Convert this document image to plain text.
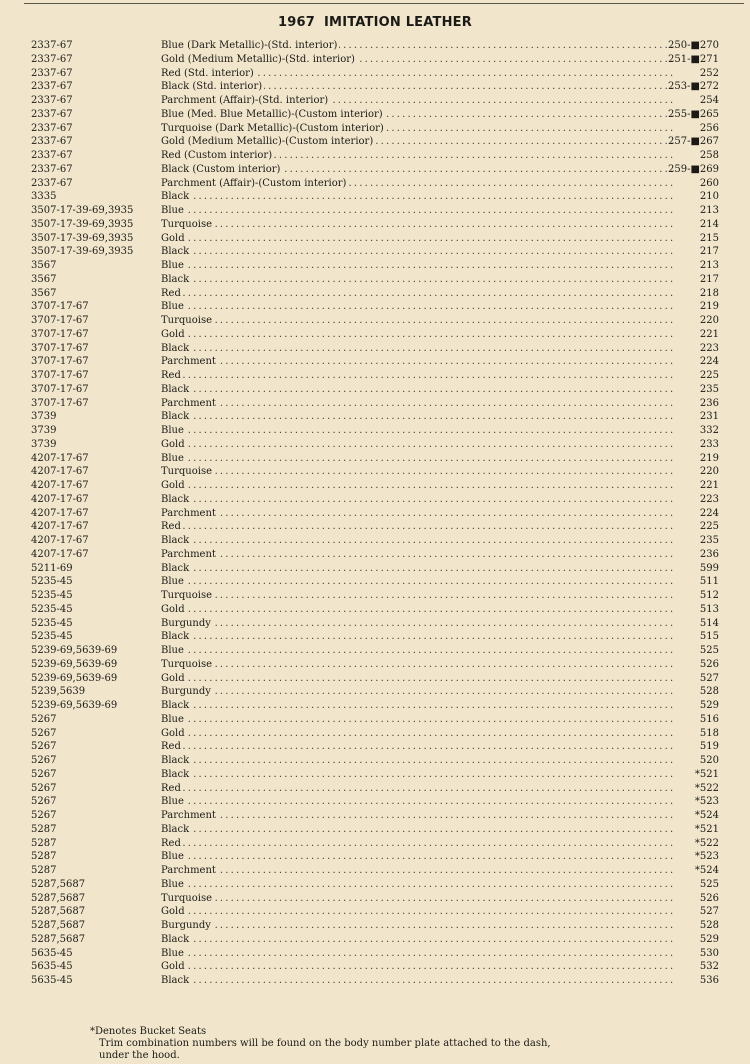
1967 IMITATION LEATHER
2337-67	Blue (Dark Metallic)-(Std. interior) . . .	250-■270
2337-67	Gold (Medium Metallic)-(Std. interior) . . .	251-■271
2337-67	Red (Std. interior) . . .	252
2337-67	Black (Std. interior) . . .	253-■272
2337-67	Parchment (Affair)-(Std. interior) . . .	254
2337-67	Blue (Med. Blue Metallic)-(Custom interior) . . .	255-■265
2337-67	Turquoise (Dark Metallic)-(Custom interior) . . .	256
2337-67	Gold (Medium Metallic)-(Custom interior) . . .	257-■267
2337-67	Red (Custom interior) . . .	258
2337-67	Black (Custom interior) . . .	259-■269
2337-67	Parchment (Affair)-(Custom interior) . . .	260
3335	Black . . .	210
3507-17-39-69,3935	Blue . . .	213
3507-17-39-69,3935	Turquoise . . .	214
3507-17-39-69,3935	Gold . . .	215
3507-17-39-69,3935	Black . . .	217
3567	Blue . . .	213
3567	Black . . .	217
3567	Red . . .	218
3707-17-67	Blue . . .	219
3707-17-67	Turquoise . . .	220
3707-17-67	Gold . . .	221
3707-17-67	Black . . .	223
3707-17-67	Parchment . . .	224
3707-17-67	Red . . .	225
3707-17-67	Black . . .	235
3707-17-67	Parchment . . .	236
3739	Black . . .	231
3739	Blue . . .	332
3739	Gold . . .	233
4207-17-67	Blue . . .	219
4207-17-67	Turquoise . . .	220
4207-17-67	Gold . . .	221
4207-17-67	Black . . .	223
4207-17-67	Parchment . . .	224
4207-17-67	Red . . .	225
4207-17-67	Black . . .	235
4207-17-67	Parchment . . .	236
5211-69	Black . . .	599
5235-45	Blue . . .	511
5235-45	Turquoise . . .	512
5235-45	Gold . . .	513
5235-45	Burgundy . . .	514
5235-45	Black . . .	515
5239-69,5639-69	Blue . . .	525
5239-69,5639-69	Turquoise . . .	526
5239-69,5639-69	Gold . . .	527
5239,5639	Burgundy . . .	528
5239-69,5639-69	Black . . .	529
5267	Blue . . .	516
5267	Gold . . .	518
5267	Red . . .	519
5267	Black . . .	520
5267	Black . . .	*521
5267	Red . . .	*522
5267	Blue . . .	*523
5267	Parchment . . .	*524
5287	Black . . .	*521
5287	Red . . .	*522
5287	Blue . . .	*523
5287	Parchment . . .	*524
5287,5687	Blue . . .	525
5287,5687	Turquoise . . .	526
5287,5687	Gold . . .	527
5287,5687	Burgundy . . .	528
5287,5687	Black . . .	529
5635-45	Blue . . .	530
5635-45	Gold . . .	532
5635-45	Black . . .	536
*Denotes Bucket Seats
Trim combination numbers will be found on the body number plate attached to the dash,
under the hood.
